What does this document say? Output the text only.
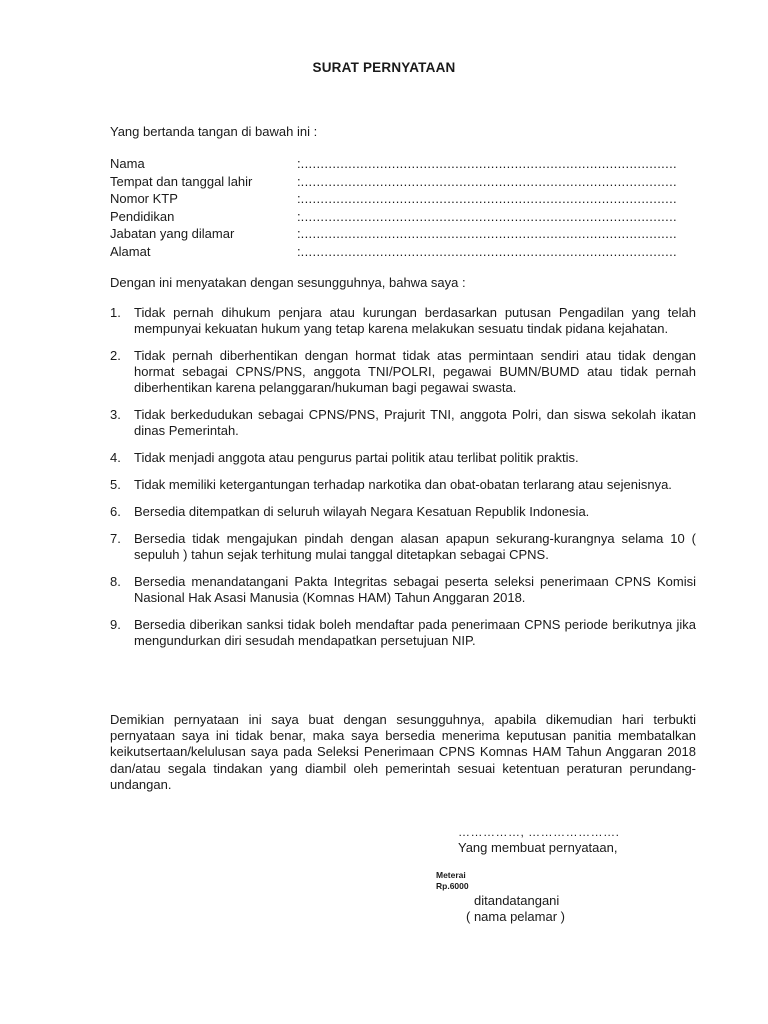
SURAT PERNYATAAN
Yang bertanda tangan di bawah ini :
Nama	: ...............................................................................................
Tempat dan tanggal lahir	: ...............................................................................................
Nomor KTP	: ...............................................................................................
Pendidikan	: ...............................................................................................
Jabatan yang dilamar	: ...............................................................................................
Alamat	: ...............................................................................................
Dengan ini menyatakan dengan sesungguhnya, bahwa saya :
1.	Tidak pernah dihukum penjara atau kurungan berdasarkan putusan Pengadilan yang telah mempunyai kekuatan hukum yang tetap karena melakukan sesuatu tindak pidana kejahatan.
2.	Tidak pernah diberhentikan dengan hormat tidak atas permintaan sendiri atau tidak dengan hormat sebagai CPNS/PNS, anggota TNI/POLRI, pegawai BUMN/BUMD atau tidak pernah diberhentikan karena pelanggaran/hukuman bagi pegawai swasta.
3.	Tidak berkedudukan sebagai CPNS/PNS, Prajurit TNI, anggota Polri, dan siswa sekolah ikatan dinas Pemerintah.
4.	Tidak menjadi anggota atau pengurus partai politik atau terlibat politik praktis.
5.	Tidak memiliki ketergantungan terhadap narkotika dan obat-obatan terlarang atau sejenisnya.
6.	Bersedia ditempatkan di seluruh wilayah Negara Kesatuan Republik Indonesia.
7.	Bersedia tidak mengajukan pindah dengan alasan apapun sekurang-kurangnya selama 10 ( sepuluh ) tahun sejak terhitung mulai tanggal ditetapkan sebagai CPNS.
8.	Bersedia menandatangani Pakta Integritas sebagai peserta seleksi penerimaan CPNS Komisi Nasional Hak Asasi Manusia (Komnas HAM) Tahun Anggaran 2018.
9.	Bersedia diberikan sanksi tidak boleh mendaftar pada penerimaan CPNS periode berikutnya jika mengundurkan diri sesudah mendapatkan persetujuan NIP.
Demikian pernyataan ini saya buat dengan sesungguhnya, apabila dikemudian hari terbukti pernyataan saya ini tidak benar, maka saya bersedia menerima keputusan panitia membatalkan keikutsertaan/kelulusan saya pada Seleksi Penerimaan CPNS Komnas HAM Tahun Anggaran 2018 dan/atau segala tindakan yang diambil oleh pemerintah sesuai ketentuan peraturan perundang-undangan.
……………, ………………….
Yang membuat pernyataan,
Meterai
Rp.6000
ditandatangani
( nama pelamar )
